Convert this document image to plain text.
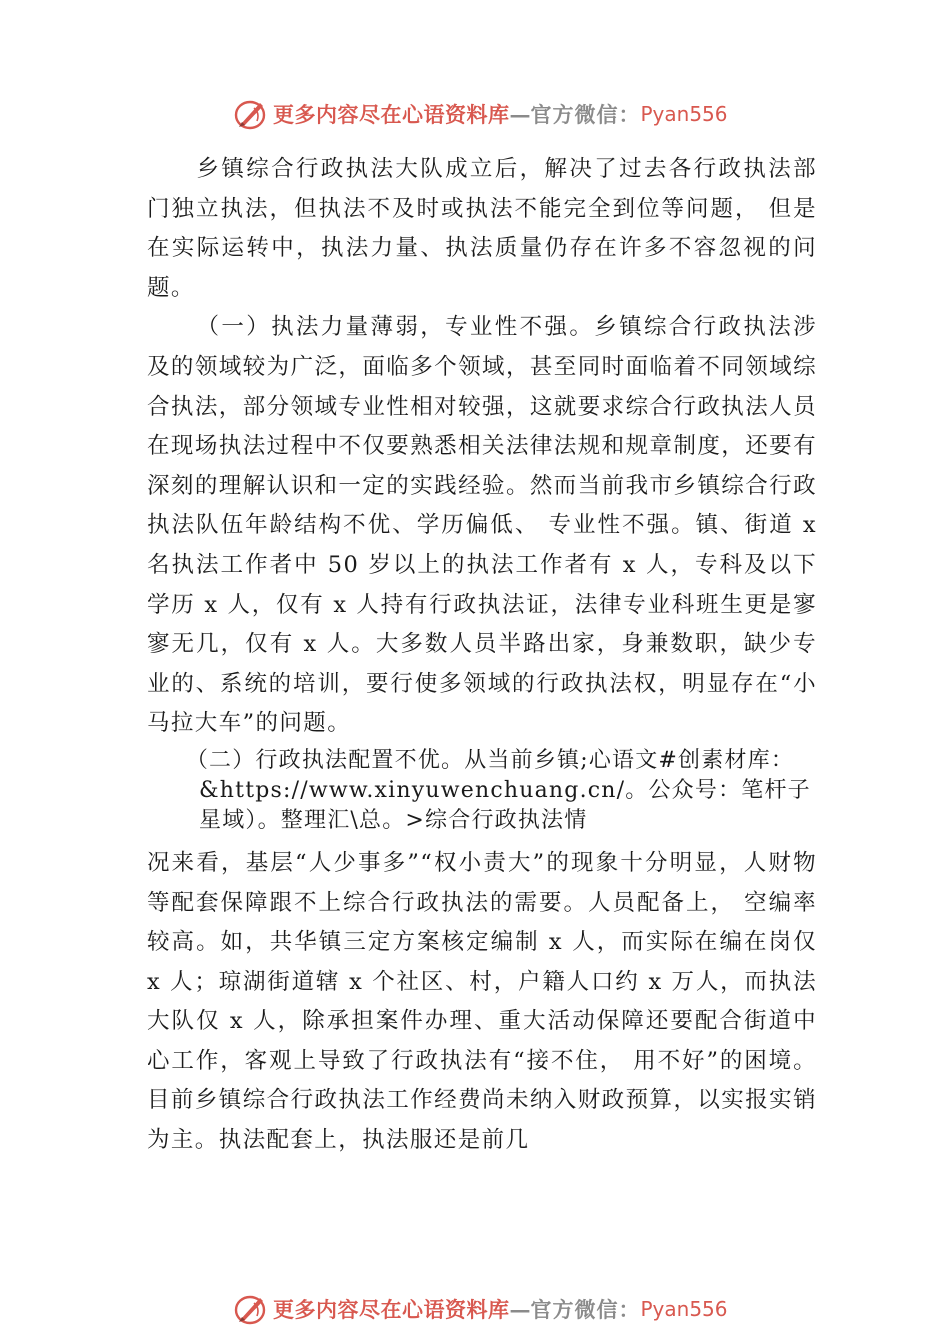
更多内容尽在心语资料库 — 官方微信： Pyan556

乡镇综合行政执法大队成立后，解决了过去各行政执法部门独立执法，但执法不及时或执法不能完全到位等问题， 但是在实际运转中，执法力量、执法质量仍存在许多不容忽视的问题。

（一）执法力量薄弱，专业性不强。乡镇综合行政执法涉及的领域较为广泛，面临多个领域，甚至同时面临着不同领域综合执法，部分领域专业性相对较强，这就要求综合行政执法人员在现场执法过程中不仅要熟悉相关法律法规和规章制度，还要有深刻的理解认识和一定的实践经验。然而当前我市乡镇综合行政执法队伍年龄结构不优、学历偏低、 专业性不强。镇、街道 x 名执法工作者中 50 岁以上的执法工作者有 x 人，专科及以下学历 x 人，仅有 x 人持有行政执法证，法律专业科班生更是寥寥无几，仅有 x 人。大多数人员半路出家，身兼数职，缺少专业的、系统的培训，要行使多领域的行政执法权，明显存在“小马拉大车”的问题。

（二）行政执法配置不优。从当前乡镇;心语文#创素材库：&https://www.xinyuwenchuang.cn/。公众号：笔杆子星域）。整理汇\总。>综合行政执法情

况来看，基层“人少事多”“权小责大”的现象十分明显，人财物等配套保障跟不上综合行政执法的需要。人员配备上， 空编率较高。如，共华镇三定方案核定编制 x 人，而实际在编在岗仅 x 人；琼湖街道辖 x 个社区、村，户籍人口约 x 万人，而执法大队仅 x 人，除承担案件办理、重大活动保障还要配合街道中心工作，客观上导致了行政执法有“接不住， 用不好”的困境。目前乡镇综合行政执法工作经费尚未纳入财政预算，以实报实销为主。执法配套上，执法服还是前几

更多内容尽在心语资料库 — 官方微信： Pyan556
